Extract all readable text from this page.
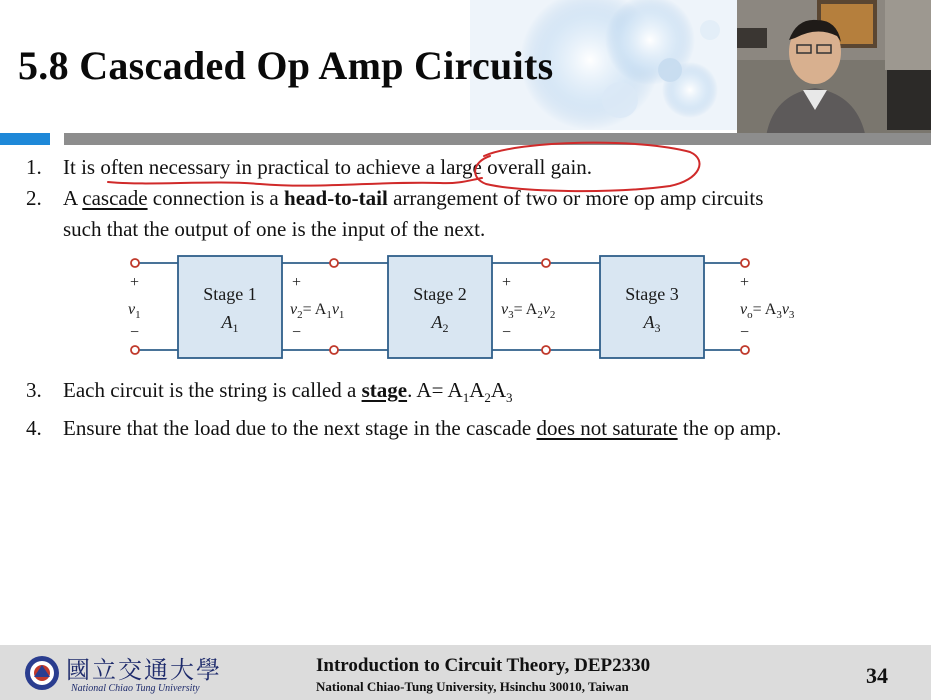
5.8 Cascaded Op Amp Circuits
1. It is often necessary in practical to achieve a large overall gain.
2. A cascade connection is a head-to-tail arrangement of two or more op amp circuits
such that the output of one is the input of the next.
3. Each circuit is the string is called a stage. $A= A_1A_2A_3$
4. Ensure that the load due to the next stage in the cascade does not saturate the op amp.
Stage 1
$A_1$
Stage 2
$A_2$
Stage 3
$A_3$
+
−
+
−
+
−
+
−
$v_1$	$v_2= A_1v_1$	$v_3= A_2v_2$	$v_o= A_3v_3$
國立交通大學
National Chiao Tung University
Introduction to Circuit Theory, DEP2330
National Chiao-Tung University, Hsinchu 30010, Taiwan	34
